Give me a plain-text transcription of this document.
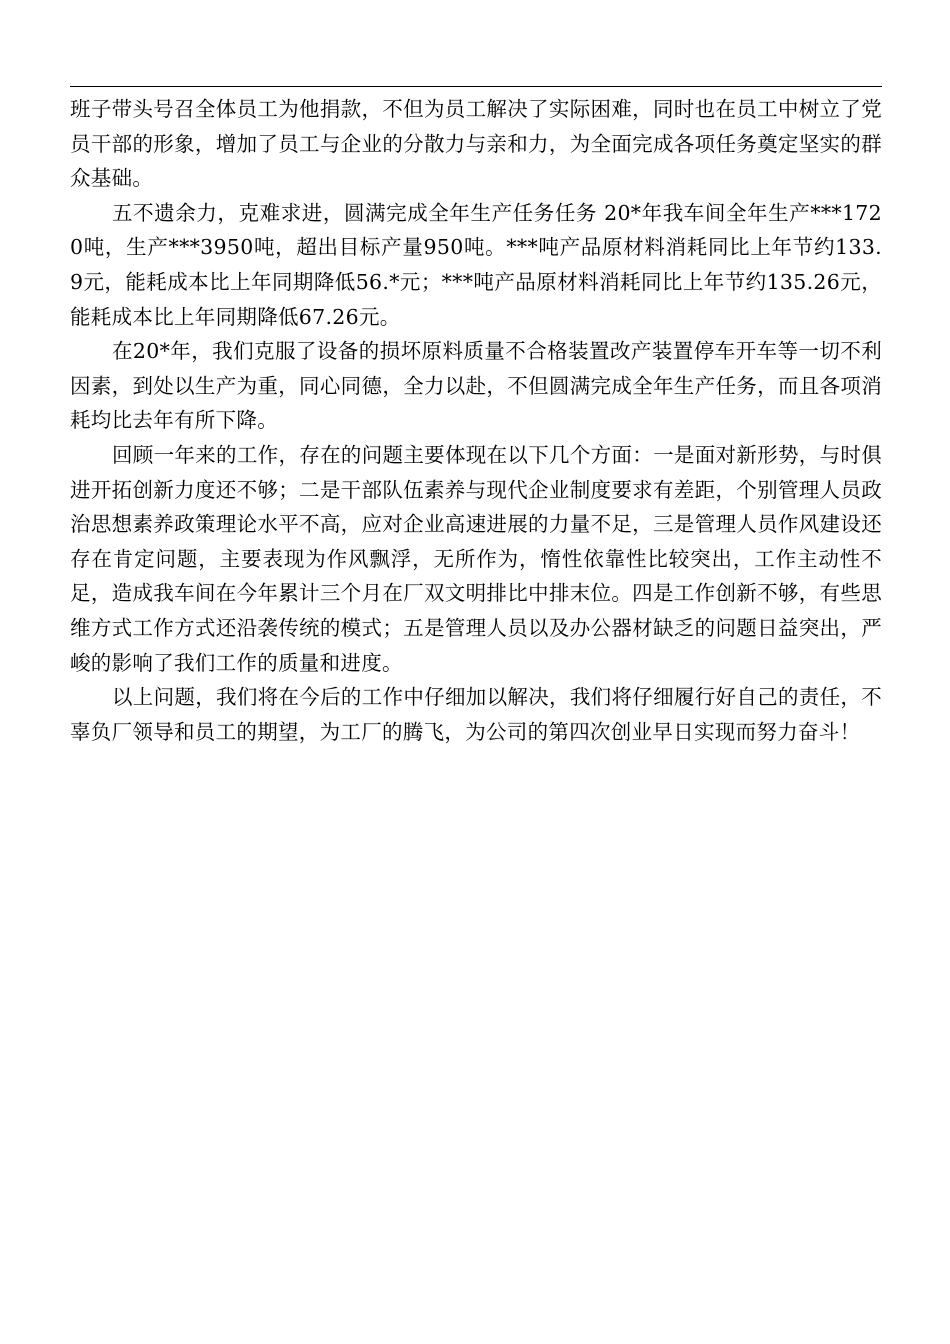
班子带头号召全体员工为他捐款，不但为员工解决了实际困难，同时也在员工中树立了党员干部的形象，增加了员工与企业的分散力与亲和力，为全面完成各项任务奠定坚实的群众基础。

五不遗余力，克难求进，圆满完成全年生产任务任务 20*年我车间全年生产***1720吨，生产***3950吨，超出目标产量950吨。***吨产品原材料消耗同比上年节约133.9元，能耗成本比上年同期降低56.*元；***吨产品原材料消耗同比上年节约135.26元，能耗成本比上年同期降低67.26元。

在20*年，我们克服了设备的损坏原料质量不合格装置改产装置停车开车等一切不利因素，到处以生产为重，同心同德，全力以赴，不但圆满完成全年生产任务，而且各项消耗均比去年有所下降。

回顾一年来的工作，存在的问题主要体现在以下几个方面：一是面对新形势，与时俱进开拓创新力度还不够；二是干部队伍素养与现代企业制度要求有差距，个别管理人员政治思想素养政策理论水平不高，应对企业高速进展的力量不足，三是管理人员作风建设还存在肯定问题，主要表现为作风飘浮，无所作为，惰性依靠性比较突出，工作主动性不足，造成我车间在今年累计三个月在厂双文明排比中排末位。四是工作创新不够，有些思维方式工作方式还沿袭传统的模式；五是管理人员以及办公器材缺乏的问题日益突出，严峻的影响了我们工作的质量和进度。

以上问题，我们将在今后的工作中仔细加以解决，我们将仔细履行好自己的责任，不辜负厂领导和员工的期望，为工厂的腾飞，为公司的第四次创业早日实现而努力奋斗！
